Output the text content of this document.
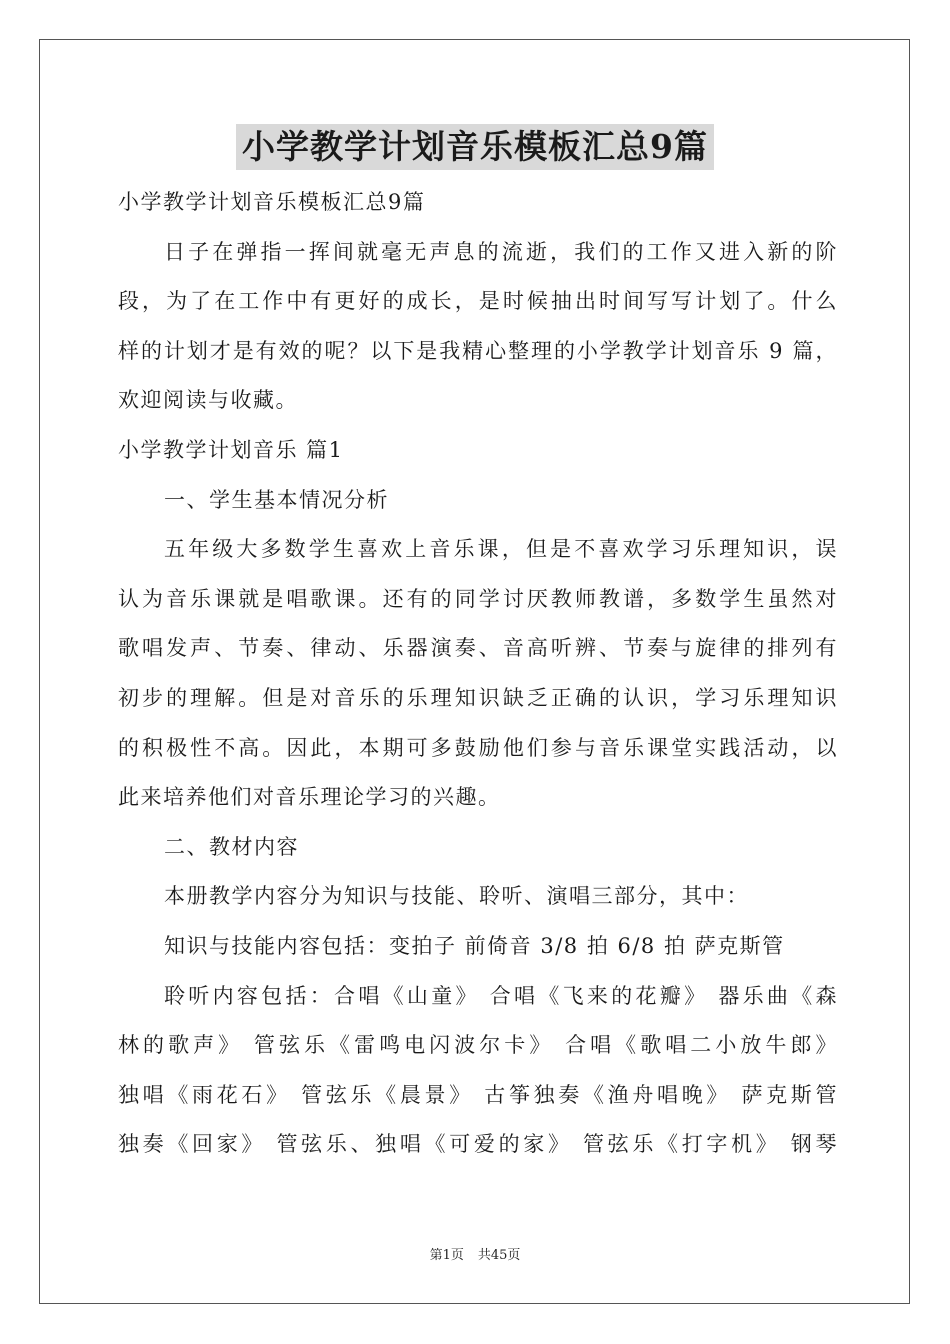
小学教学计划音乐模板汇总9篇

小学教学计划音乐模板汇总9篇

日子在弹指一挥间就毫无声息的流逝，我们的工作又进入新的阶

段，为了在工作中有更好的成长，是时候抽出时间写写计划了。什么

样的计划才是有效的呢？以下是我精心整理的小学教学计划音乐 9 篇，

欢迎阅读与收藏。

小学教学计划音乐 篇1

一、学生基本情况分析

五年级大多数学生喜欢上音乐课，但是不喜欢学习乐理知识，误

认为音乐课就是唱歌课。还有的同学讨厌教师教谱，多数学生虽然对

歌唱发声、节奏、律动、乐器演奏、音高听辨、节奏与旋律的排列有

初步的理解。但是对音乐的乐理知识缺乏正确的认识，学习乐理知识

的积极性不高。因此，本期可多鼓励他们参与音乐课堂实践活动，以

此来培养他们对音乐理论学习的兴趣。

二、教材内容

本册教学内容分为知识与技能、聆听、演唱三部分，其中：

知识与技能内容包括：变拍子 前倚音 3/8 拍 6/8 拍 萨克斯管

聆听内容包括：合唱《山童》 合唱《飞来的花瓣》 器乐曲《森

林的歌声》 管弦乐《雷鸣电闪波尔卡》 合唱《歌唱二小放牛郎》

独唱《雨花石》 管弦乐《晨景》 古筝独奏《渔舟唱晚》 萨克斯管

独奏《回家》 管弦乐、独唱《可爱的家》 管弦乐《打字机》 钢琴

第1页 共45页
